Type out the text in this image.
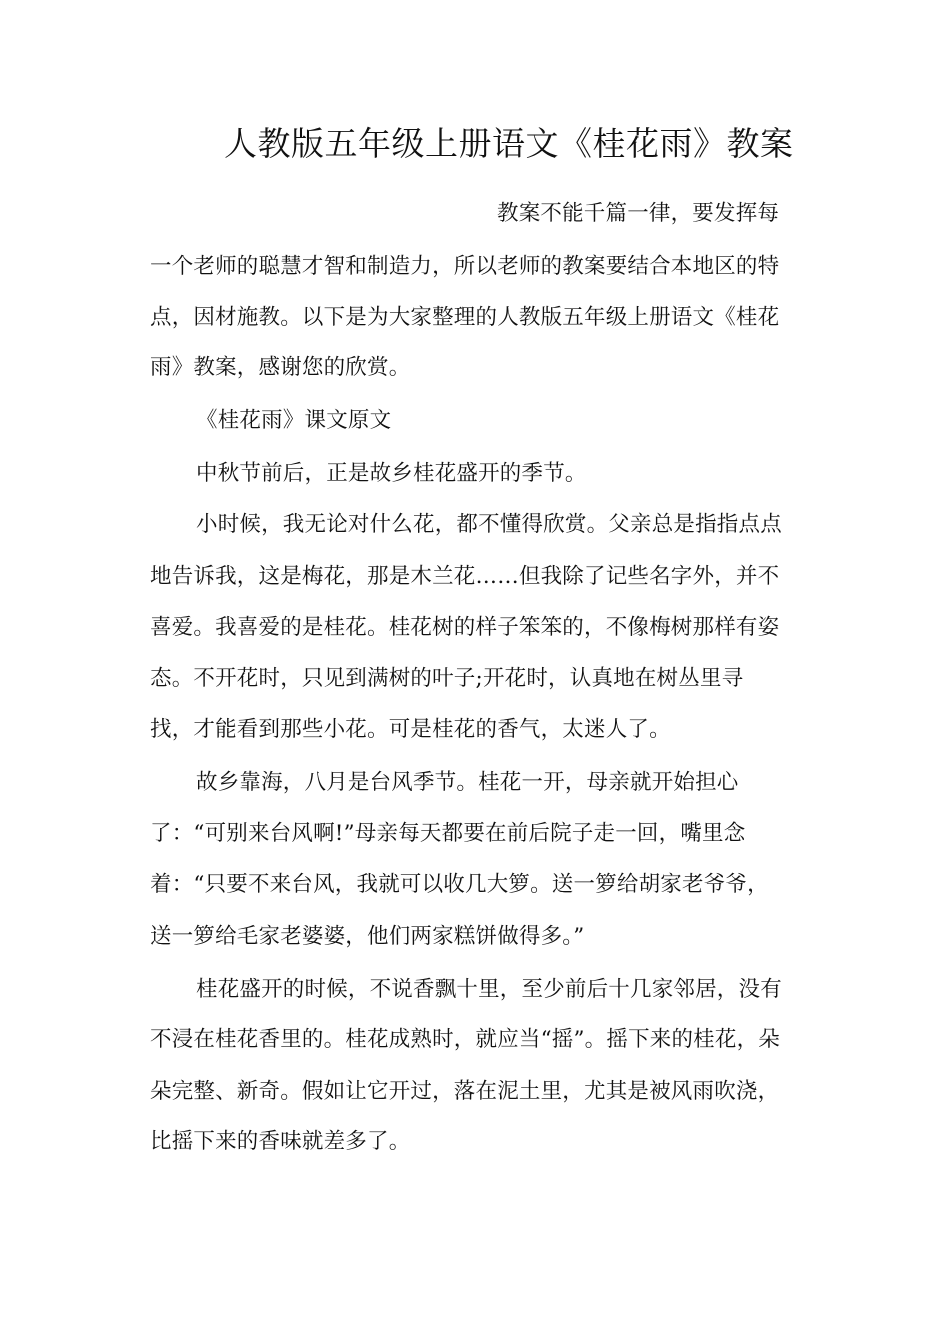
人教版五年级上册语文《桂花雨》教案
教案不能千篇一律，要发挥每
一个老师的聪慧才智和制造力，所以老师的教案要结合本地区的特
点，因材施教。以下是为大家整理的人教版五年级上册语文《桂花
雨》教案，感谢您的欣赏。
《桂花雨》课文原文
中秋节前后，正是故乡桂花盛开的季节。
小时候，我无论对什么花，都不懂得欣赏。父亲总是指指点点
地告诉我，这是梅花，那是木兰花……但我除了记些名字外，并不
喜爱。我喜爱的是桂花。桂花树的样子笨笨的，不像梅树那样有姿
态。不开花时，只见到满树的叶子;开花时，认真地在树丛里寻
找，才能看到那些小花。可是桂花的香气，太迷人了。
故乡靠海，八月是台风季节。桂花一开，母亲就开始担心
了：“可别来台风啊!”母亲每天都要在前后院子走一回，嘴里念
着：“只要不来台风，我就可以收几大箩。送一箩给胡家老爷爷，
送一箩给毛家老婆婆，他们两家糕饼做得多。”
桂花盛开的时候，不说香飘十里，至少前后十几家邻居，没有
不浸在桂花香里的。桂花成熟时，就应当“摇”。摇下来的桂花，朵
朵完整、新奇。假如让它开过，落在泥土里，尤其是被风雨吹浇，
比摇下来的香味就差多了。
